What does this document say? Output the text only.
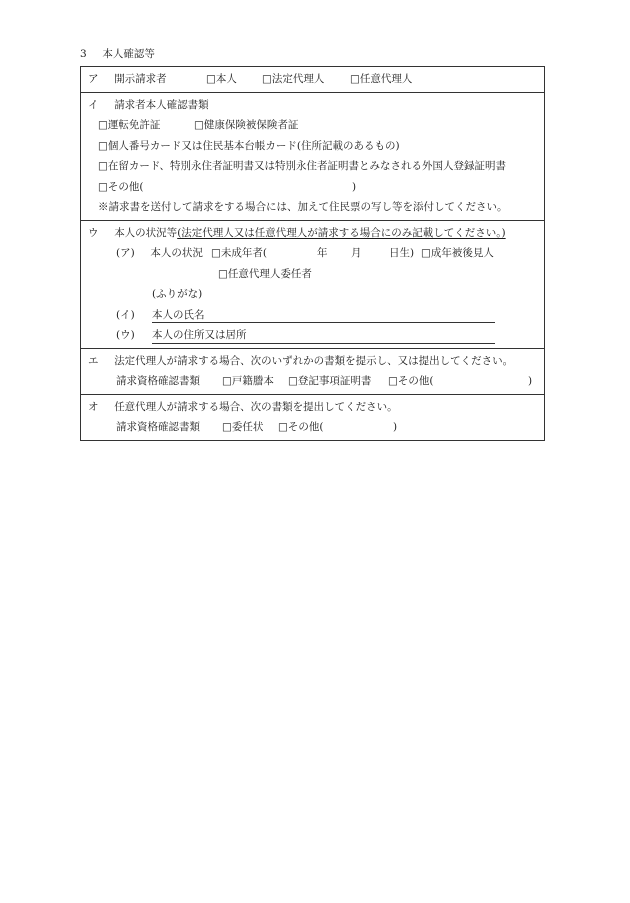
3 本人確認等
ア 開示請求者	□本人 □法定代理人 □任意代理人
イ 請求者本人確認書類
□運転免許証	□健康保険被保険者証
□個人番号カード又は住民基本台帳カード(住所記載のあるもの)
□在留カード、特別永住者証明書又は特別永住者証明書とみなされる外国人登録証明書
□その他(	)
※請求書を送付して請求をする場合には、加えて住民票の写し等を添付してください。
ウ 本人の状況等(法定代理人又は任意代理人が請求する場合にのみ記載してください。)
(ア) 本人の状況 □未成年者(	年 月	日生) □成年被後見人
□任意代理人委任者
(ふりがな)
(イ) 本人の氏名
(ウ) 本人の住所又は居所
エ 法定代理人が請求する場合、次のいずれかの書類を提示し、又は提出してください。
請求資格確認書類 □戸籍謄本 □登記事項証明書 □その他(	)
オ 任意代理人が請求する場合、次の書類を提出してください。
請求資格確認書類 □委任状 □その他(	)
